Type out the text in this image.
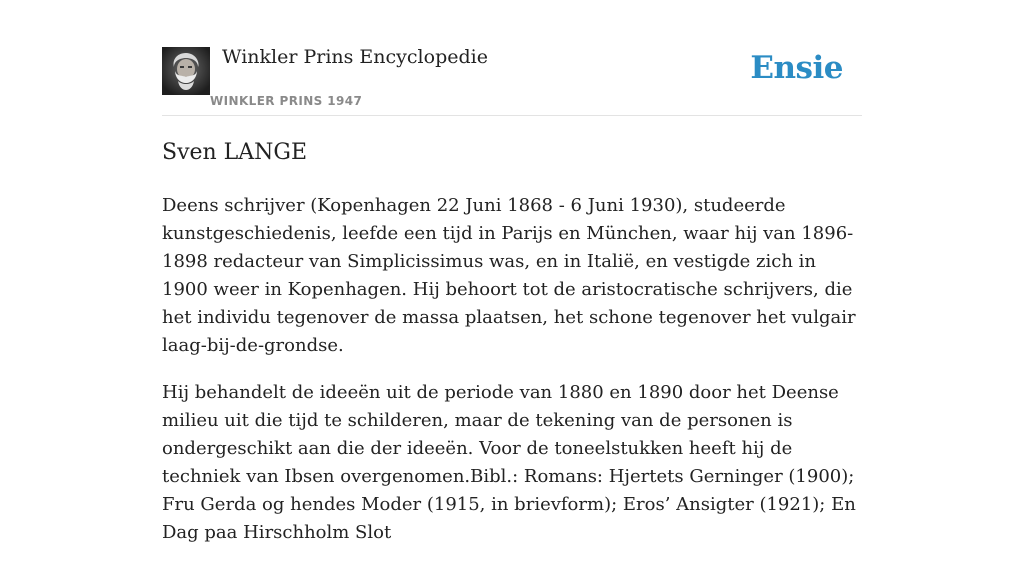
Winkler Prins Encyclopedie
WINKLER PRINS 1947
Ensie
Sven LANGE

Deens schrijver (Kopenhagen 22 Juni 1868 - 6 Juni 1930), studeerde kunstgeschiedenis, leefde een tijd in Parijs en München, waar hij van 1896-1898 redacteur van Simplicissimus was, en in Italië, en vestigde zich in 1900 weer in Kopenhagen. Hij behoort tot de aristocratische schrijvers, die het individu tegenover de massa plaatsen, het schone tegenover het vulgair laag-bij-de-grondse.

Hij behandelt de ideeën uit de periode van 1880 en 1890 door het Deense milieu uit die tijd te schilderen, maar de tekening van de personen is ondergeschikt aan die der ideeën. Voor de toneelstukken heeft hij de techniek van Ibsen overgenomen.Bibl.: Romans: Hjertets Gerninger (1900); Fru Gerda og hendes Moder (1915, in brievform); Eros’ Ansigter (1921); En Dag paa Hirschholm Slot
